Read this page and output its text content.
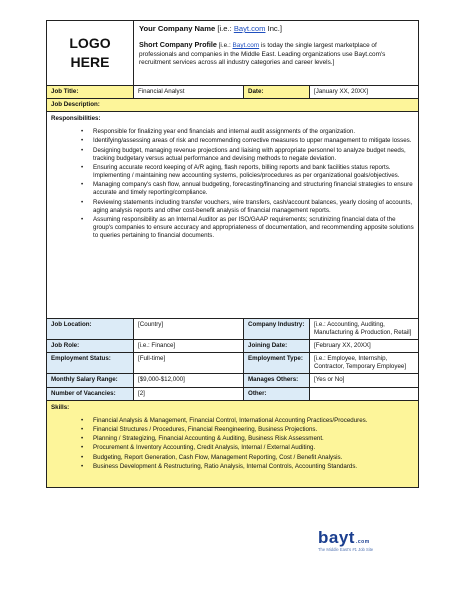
LOGO
HERE
Your Company Name [i.e.: Bayt.com Inc.]
Short Company Profile [i.e.: Bayt.com is today the single largest marketplace of professionals and companies in the Middle East. Leading organizations use Bayt.com's recruitment services across all industry categories and career levels.]
Job Title:	Financial Analyst	Date:	[January XX, 20XX]
Job Description:
Responsibilities:
• Responsible for finalizing year end financials and internal audit assignments of the organization.
• Identifying/assessing areas of risk and recommending corrective measures to upper management to mitigate losses.
• Designing budget, managing revenue projections and liaising with appropriate personnel to analyze budget needs, tracking budgetary versus actual performance and devising methods to negate deviation.
• Ensuring accurate record keeping of A/R aging, flash reports, billing reports and bank facilities status reports. Implementing / maintaining new accounting systems, policies/procedures as per organizational goals/objectives.
• Managing company's cash flow, annual budgeting, forecasting/financing and structuring financial strategies to ensure accurate and timely reporting/compliance.
• Reviewing statements including transfer vouchers, wire transfers, cash/account balances, yearly closing of accounts, aging analysis reports and other cost-benefit analysis of financial management reports.
• Assuming responsibility as an Internal Auditor as per ISO/GAAP requirements; scrutinizing financial data of the group's companies to ensure accuracy and appropriateness of documentation, and recommending apposite solutions to queries pertaining to financial documents.
Job Location:	[Country]	Company Industry:	[i.e.: Accounting, Auditing, Manufacturing & Production, Retail]
Job Role:	[i.e.: Finance]	Joining Date:	[February XX, 20XX]
Employment Status:	[Full-time]	Employment Type:	[i.e.: Employee, Internship, Contractor, Temporary Employee]
Monthly Salary Range:	[$9,000-$12,000]	Manages Others:	[Yes or No]
Number of Vacancies:	[2]	Other:
Skills:
• Financial Analysis & Management, Financial Control, International Accounting Practices/Procedures.
• Financial Structures / Procedures, Financial Reengineering, Business Projections.
• Planning / Strategizing, Financial Accounting & Auditing, Business Risk Assessment.
• Procurement & Inventory Accounting, Credit Analysis, Internal / External Auditing.
• Budgeting, Report Generation, Cash Flow, Management Reporting, Cost / Benefit Analysis.
• Business Development & Restructuring, Ratio Analysis, Internal Controls, Accounting Standards.
bayt .com
The Middle East's #1 Job Site
